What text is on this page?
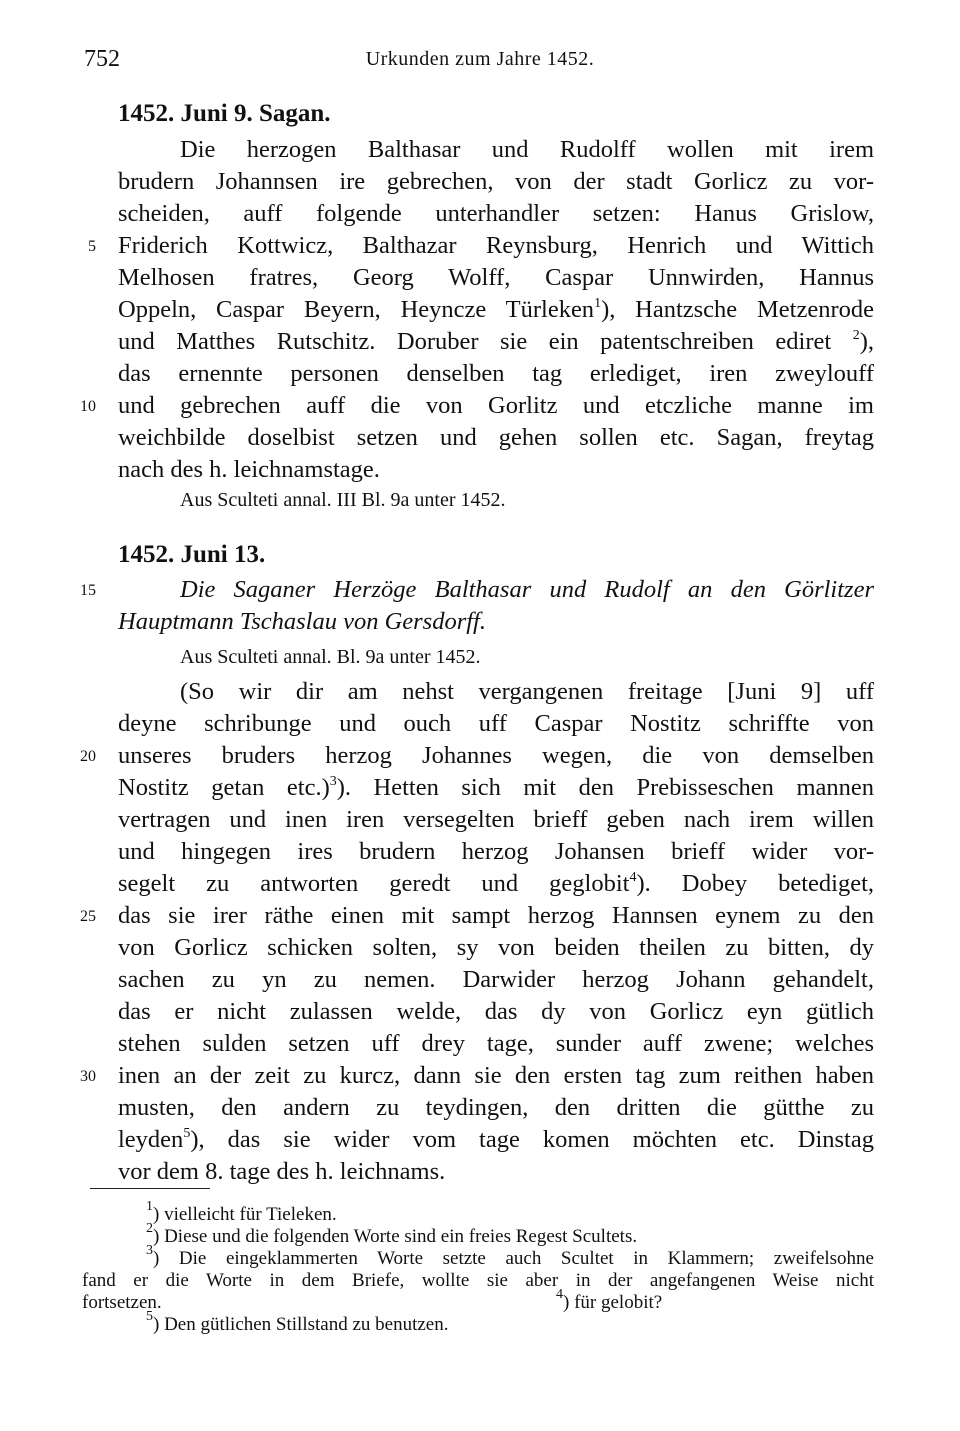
752	Urkunden zum Jahre 1452.
1452. Juni 9. Sagan.
Die herzogen Balthasar und Rudolff wollen mit irem
brudern Johannsen ire gebrechen, von der stadt Gorlicz zu vor-
scheiden, auff folgende unterhandler setzen: Hanus Grislow,
Friderich Kottwicz, Balthazar Reynsburg, Henrich und Wittich
Melhosen fratres, Georg Wolff, Caspar Unnwirden, Hannus
Oppeln, Caspar Beyern, Heyncze Türleken$^1$), Hantzsche Metzenrode
und Matthes Rutschitz. Doruber sie ein patentschreiben ediret $^2$),
das ernennte personen denselben tag erlediget, iren zweylouff
und gebrechen auff die von Gorlitz und etczliche manne im
weichbilde doselbist setzen und gehen sollen etc. Sagan, freytag
nach des h. leichnamstage.
Aus Sculteti annal. III Bl. 9a unter 1452.
1452. Juni 13.
Die Saganer Herzöge Balthasar und Rudolf an den Görlitzer
Hauptmann Tschaslau von Gersdorff.
Aus Sculteti annal. Bl. 9a unter 1452.
(So wir dir am nehst vergangenen freitage [Juni 9] uff
deyne schribunge und ouch uff Caspar Nostitz schriffte von
unseres bruders herzog Johannes wegen, die von demselben
Nostitz getan etc.)$^3$). Hetten sich mit den Prebisseschen mannen
vertragen und inen iren versegelten brieff geben nach irem willen
und hingegen ires brudern herzog Johansen brieff wider vor-
segelt zu antworten geredt und geglobit$^4$). Dobey betediget,
das sie irer räthe einen mit sampt herzog Hannsen eynem zu den
von Gorlicz schicken solten, sy von beiden theilen zu bitten, dy
sachen zu yn zu nemen. Darwider herzog Johann gehandelt,
das er nicht zulassen welde, das dy von Gorlicz eyn gütlich
stehen sulden setzen uff drey tage, sunder auff zwene; welches
inen an der zeit zu kurcz, dann sie den ersten tag zum reithen haben
musten, den andern zu teydingen, den dritten die gütthe zu
leyden$^5$), das sie wider vom tage komen möchten etc. Dinstag
vor dem 8. tage des h. leichnams.
5
10
15
20
25
30
$^1$) vielleicht für Tieleken.
$^2$) Diese und die folgenden Worte sind ein freies Regest Scultets.
$^3$) Die eingeklammerten Worte setzte auch Scultet in Klammern; zweifelsohne
fand er die Worte in dem Briefe, wollte sie aber in der angefangenen Weise nicht
fortsetzen.	$^4$) für gelobit?
$^5$) Den gütlichen Stillstand zu benutzen.
